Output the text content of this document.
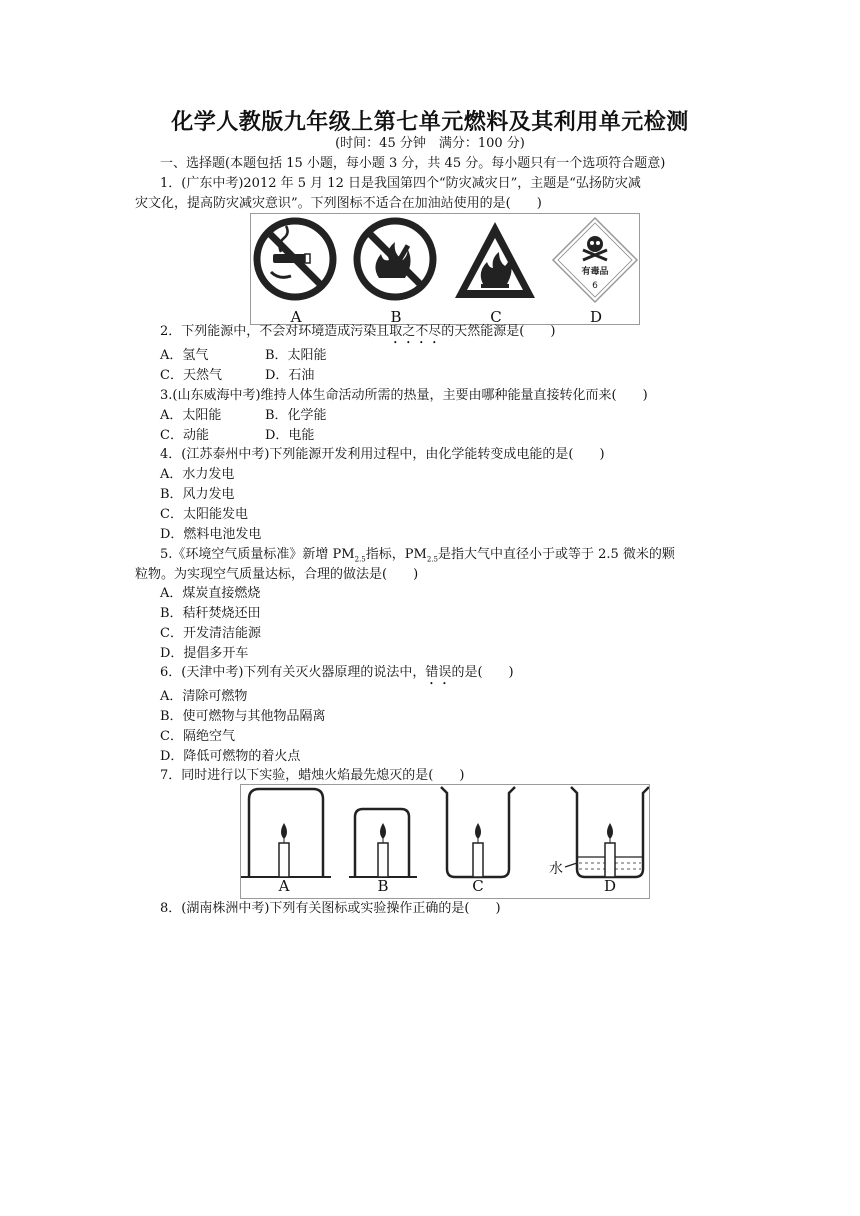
化学人教版九年级上第七单元燃料及其利用单元检测
(时间：45 分钟　满分：100 分)
一、选择题(本题包括 15 小题，每小题 3 分，共 45 分。每小题只有一个选项符合题意)
1．(广东中考)2012 年 5 月 12 日是我国第四个“防灾减灾日”，主题是“弘扬防灾减
灾文化，提高防灾减灾意识”。下列图标不适合在加油站使用的是(　　)
有毒品
6
A	B	C	D
2．下列能源中，不会对环境造成污染且取之不尽的天然能源是(　　)
A．氢气	B．太阳能
C．天然气	D．石油
3.(山东威海中考)维持人体生命活动所需的热量，主要由哪种能量直接转化而来(　　)
A．太阳能	B．化学能
C．动能	D．电能
4．(江苏泰州中考)下列能源开发利用过程中，由化学能转变成电能的是(　　)
A．水力发电
B．风力发电
C．太阳能发电
D．燃料电池发电
5.《环境空气质量标准》新增 $PM_{2.5}$指标，$PM_{2.5}$是指大气中直径小于或等于 2.5 微米的颗
粒物。为实现空气质量达标，合理的做法是(　　)
A．煤炭直接燃烧
B．秸秆焚烧还田
C．开发清洁能源
D．提倡多开车
6．(天津中考)下列有关灭火器原理的说法中，错误的是(　　)
A．清除可燃物
B．使可燃物与其他物品隔离
C．隔绝空气
D．降低可燃物的着火点
7．同时进行以下实验，蜡烛火焰最先熄灭的是(　　)
A	B	C	D
水
8．(湖南株洲中考)下列有关图标或实验操作正确的是(　　)
